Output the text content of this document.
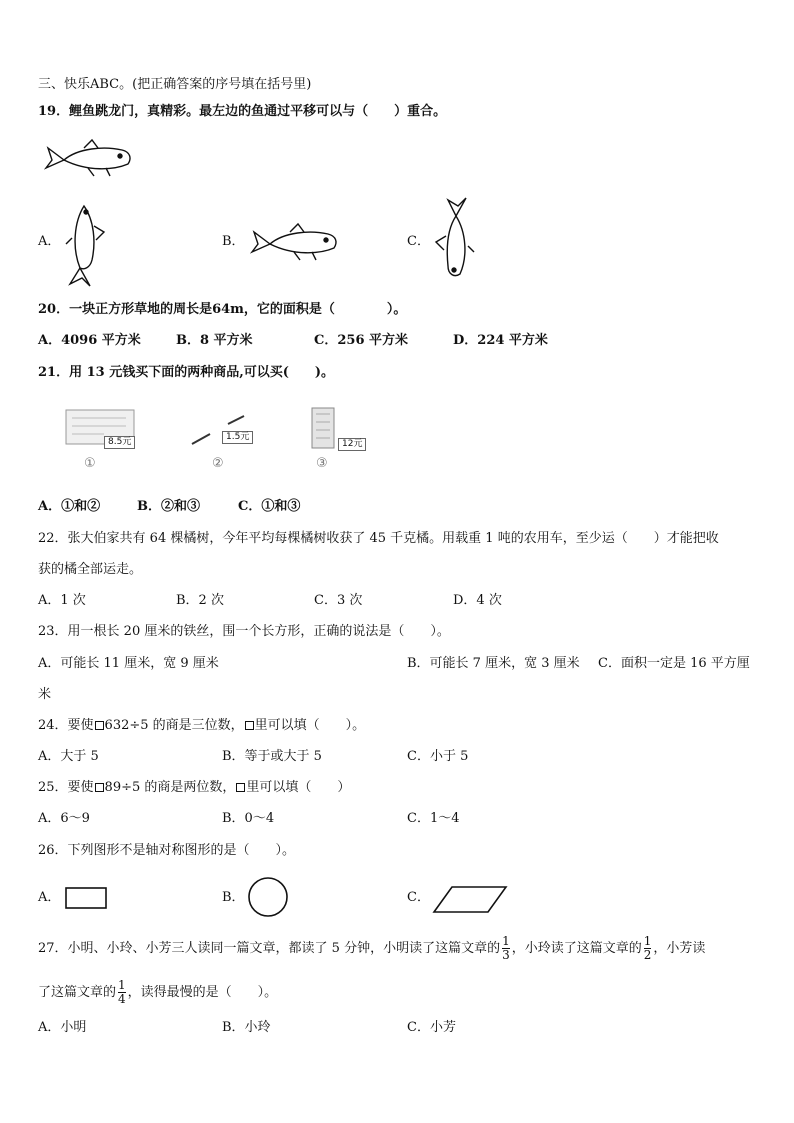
三、快乐ABC。(把正确答案的序号填在括号里)
19．鲤鱼跳龙门，真精彩。最左边的鱼通过平移可以与（　　）重合。
A．	B．	C．
20．一块正方形草地的周长是64m，它的面积是（　　　　）。
A．4096 平方米	B．8 平方米	C．256 平方米	D．224 平方米
21．用 13 元钱买下面的两种商品,可以买(　　)。
8.5元
①
1.5元
②
12元
③
A．①和②	B．②和③	C．①和③
22．张大伯家共有 64 棵橘树，今年平均每棵橘树收获了 45 千克橘。用载重 1 吨的农用车，至少运（　　）才能把收
获的橘全部运走。
A．1 次	B．2 次	C．3 次	D．4 次
23．用一根长 20 厘米的铁丝，围一个长方形，正确的说法是（　　）。
A．可能长 11 厘米，宽 9 厘米	B．可能长 7 厘米，宽 3 厘米 C．面积一定是 16 平方厘
米
24．要使 632÷5 的商是三位数， 里可以填（　　）。
A．大于 5	B．等于或大于 5	C．小于 5
25．要使 89÷5 的商是两位数， 里可以填（　　）
A．6～9	B．0～4	C．1～4
26．下列图形不是轴对称图形的是（　　）。
A．	B．	C．
27．小明、小玲、小芳三人读同一篇文章，都读了 5 分钟，小明读了这篇文章的 $\frac{1}{3}$ ，小玲读了这篇文章的 $\frac{1}{2}$ ，小芳读
了这篇文章的 $\frac{1}{4}$ ，读得最慢的是（　　）。
A．小明	B．小玲	C．小芳
